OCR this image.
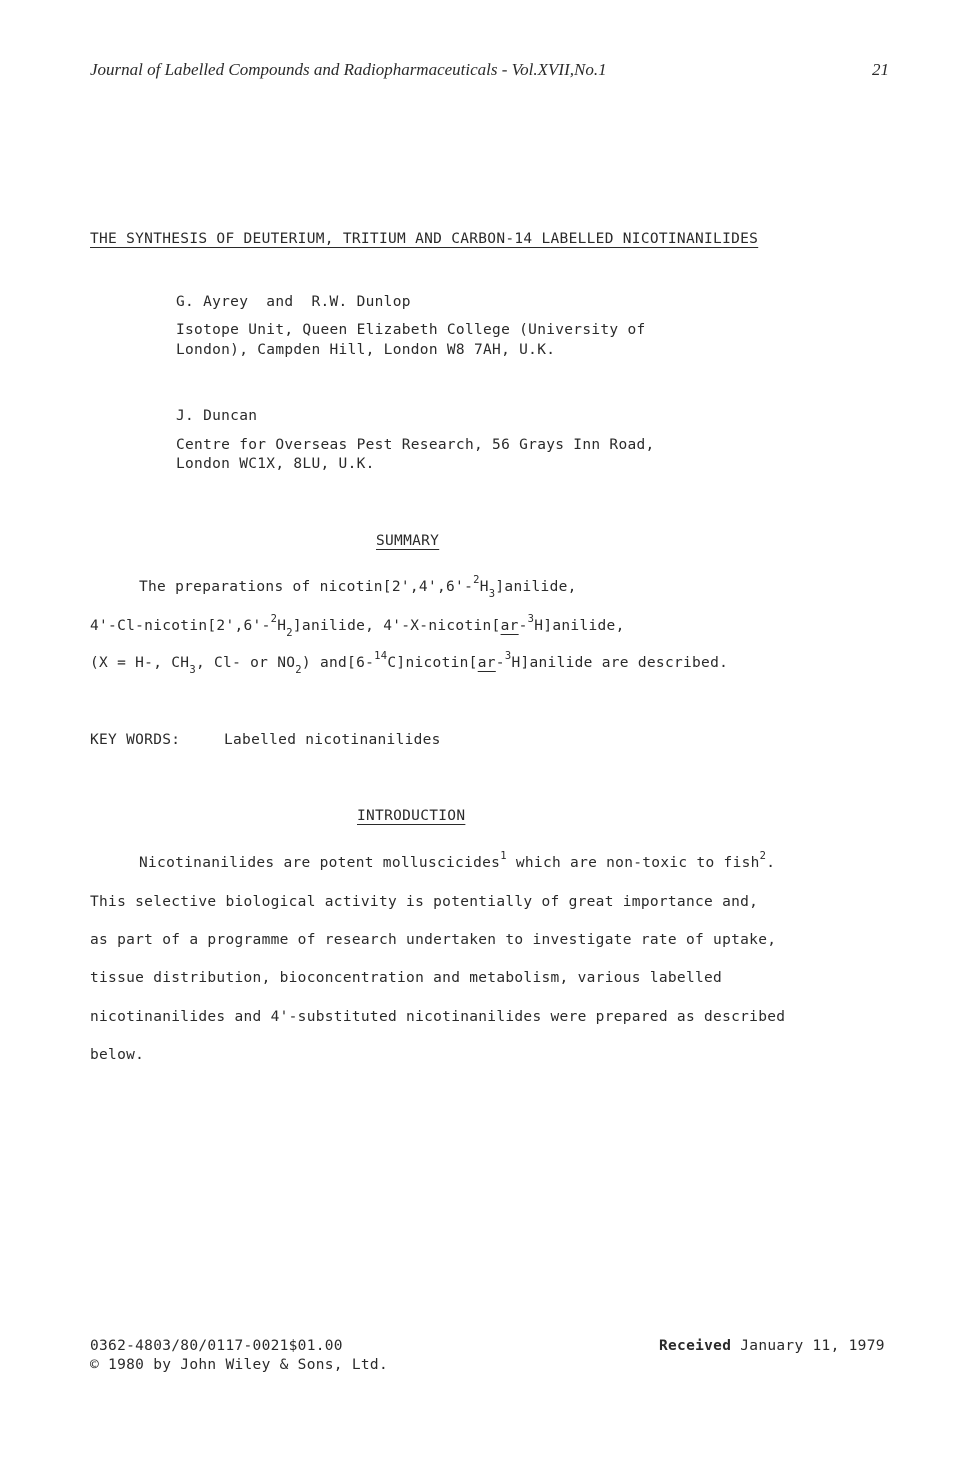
Journal of Labelled Compounds and Radiopharmaceuticals - Vol.XVII,No.1	21
THE SYNTHESIS OF DEUTERIUM, TRITIUM AND CARBON-14 LABELLED NICOTINANILIDES
G. Ayrey  and  R.W. Dunlop
Isotope Unit, Queen Elizabeth College (University of
London), Campden Hill, London W8 7AH, U.K.
J. Duncan
Centre for Overseas Pest Research, 56 Grays Inn Road,
London WC1X, 8LU, U.K.
SUMMARY
The preparations of $nicotin[2',4',6'-^2H_3]anilide$,
$4'-Cl-nicotin[2',6'-^2H_2]anilide$, 4'-X-nicotin[ar-$^3$H]anilide,
(X = H-, $CH_3$, Cl- or $NO_2$) and[6-$^{14}$C]nicotin[ar-$^3$H]anilide are described.
KEY WORDS:	Labelled nicotinanilides
INTRODUCTION
Nicotinanilides are potent molluscicides$^1$ which are non-toxic to fish$^2$.
This selective biological activity is potentially of great importance and,
as part of a programme of research undertaken to investigate rate of uptake,
tissue distribution, bioconcentration and metabolism, various labelled
nicotinanilides and 4'-substituted nicotinanilides were prepared as described
below.
0362-4803/80/0117-0021$01.00
© 1980 by John Wiley & Sons, Ltd.
Received January 11, 1979
